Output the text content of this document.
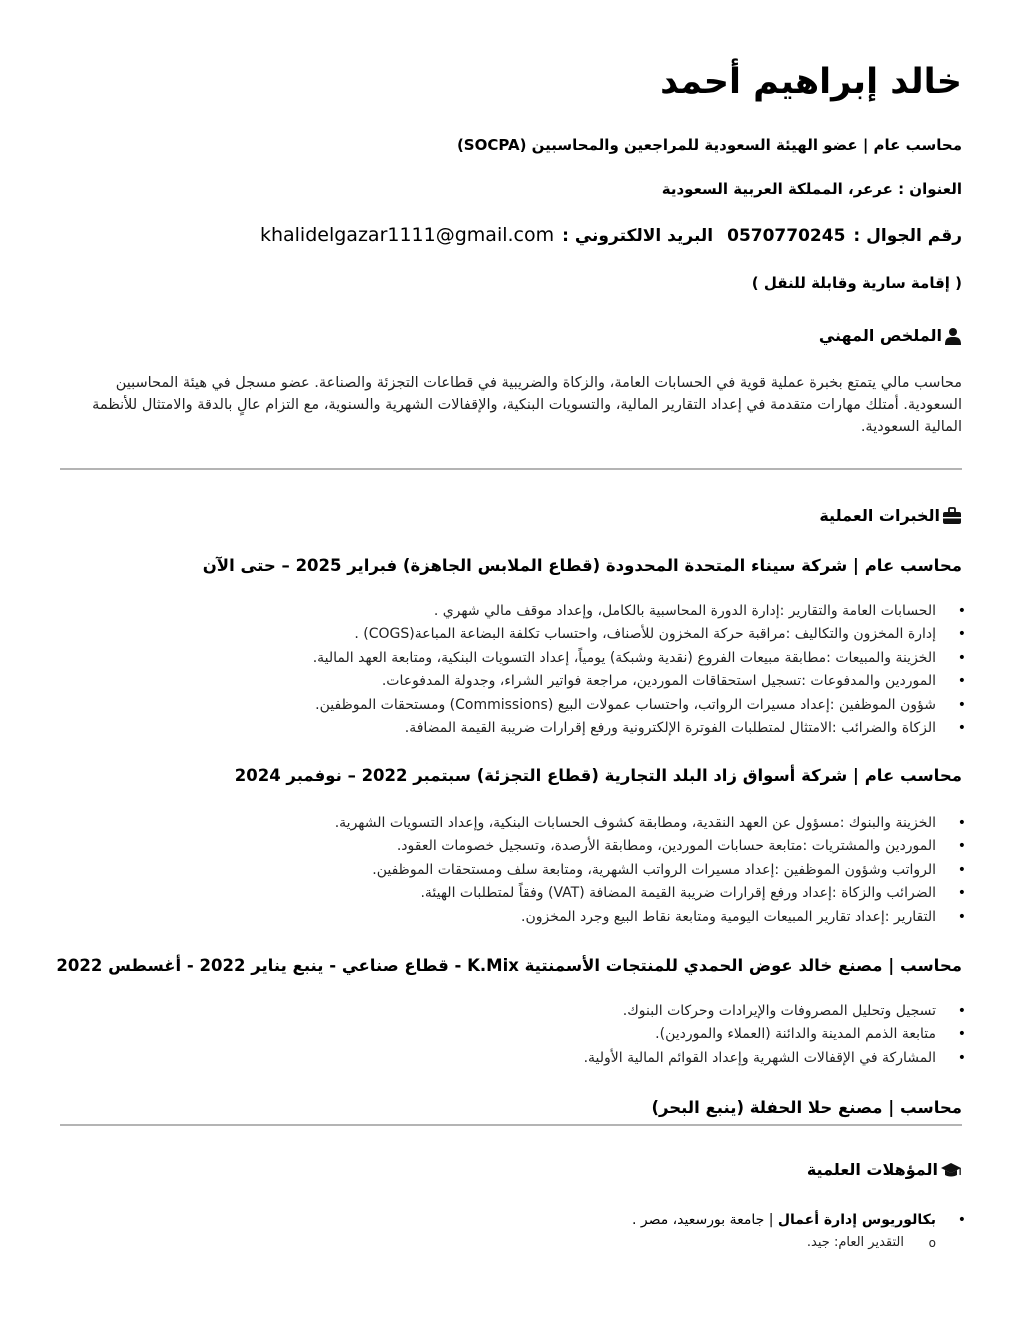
خالد إبراهيم أحمد
محاسب عام | عضو الهيئة السعودية للمراجعين والمحاسبين (SOCPA)
العنوان : عرعر، المملكة العربية السعودية
رقم الجوال :
0570770245
البريد الالكتروني :
khalidelgazar1111@gmail.com
( إقامة سارية وقابلة للنقل )
الملخص المهني
محاسب مالي يتمتع بخبرة عملية قوية في الحسابات العامة، والزكاة والضريبية في قطاعات التجزئة والصناعة. عضو مسجل في هيئة المحاسبين السعودية. أمتلك مهارات متقدمة في إعداد التقارير المالية، والتسويات البنكية، والإقفالات الشهرية والسنوية، مع التزام عالٍ بالدقة والامتثال للأنظمة المالية السعودية.
الخبرات العملية
محاسب عام | شركة سيناء المتحدة المحدودة (قطاع الملابس الجاهزة) فبراير 2025 – حتى الآن
• الحسابات العامة والتقارير :إدارة الدورة المحاسبية بالكامل، وإعداد موقف مالي شهري .
• إدارة المخزون والتكاليف :مراقبة حركة المخزون للأصناف، واحتساب تكلفة البضاعة المباعة(COGS) .
• الخزينة والمبيعات :مطابقة مبيعات الفروع (نقدية وشبكة) يومياً، إعداد التسويات البنكية، ومتابعة العهد المالية.
• الموردين والمدفوعات :تسجيل استحقاقات الموردين، مراجعة فواتير الشراء، وجدولة المدفوعات.
• شؤون الموظفين :إعداد مسيرات الرواتب، واحتساب عمولات البيع (Commissions) ومستحقات الموظفين.
• الزكاة والضرائب :الامتثال لمتطلبات الفوترة الإلكترونية ورفع إقرارات ضريبة القيمة المضافة.
محاسب عام | شركة أسواق زاد البلد التجارية (قطاع التجزئة) سبتمبر 2022 – نوفمبر 2024
• الخزينة والبنوك :مسؤول عن العهد النقدية، ومطابقة كشوف الحسابات البنكية، وإعداد التسويات الشهرية.
• الموردين والمشتريات :متابعة حسابات الموردين، ومطابقة الأرصدة، وتسجيل خصومات العقود.
• الرواتب وشؤون الموظفين :إعداد مسيرات الرواتب الشهرية، ومتابعة سلف ومستحقات الموظفين.
• الضرائب والزكاة :إعداد ورفع إقرارات ضريبة القيمة المضافة (VAT) وفقاً لمتطلبات الهيئة.
• التقارير :إعداد تقارير المبيعات اليومية ومتابعة نقاط البيع وجرد المخزون.
محاسب | مصنع خالد عوض الحمدي للمنتجات الأسمنتية K.Mix - قطاع صناعي - ينبع يناير 2022 - أغسطس 2022
• تسجيل وتحليل المصروفات والإيرادات وحركات البنوك.
• متابعة الذمم المدينة والدائنة (العملاء والموردين).
• المشاركة في الإقفالات الشهرية وإعداد القوائم المالية الأولية.
محاسب | مصنع حلا الحفلة (ينبع البحر)
المؤهلات العلمية
• بكالوريوس إدارة أعمال | جامعة بورسعيد، مصر .
o التقدير العام: جيد.
